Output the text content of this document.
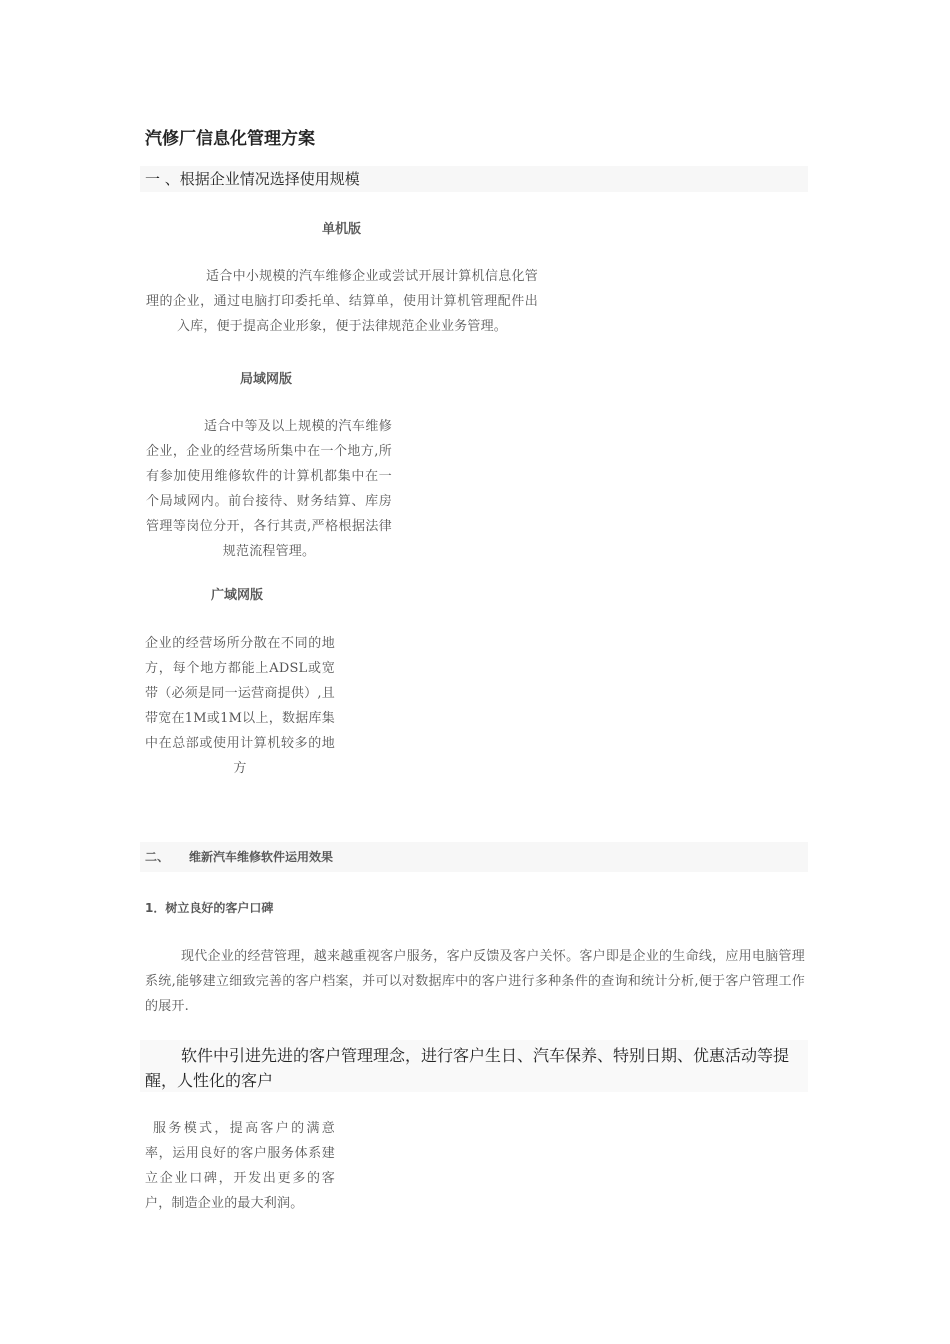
汽修厂信息化管理方案
一 、根据企业情况选择使用规模
单机版
适合中小规模的汽车维修企业或尝试开展计算机信息化管理的企业，通过电脑打印委托单、结算单，使用计算机管理配件出入库，便于提高企业形象，便于法律规范企业业务管理。
局域网版
适合中等及以上规模的汽车维修企业，企业的经营场所集中在一个地方,所有参加使用维修软件的计算机都集中在一个局域网内。前台接待、财务结算、库房管理等岗位分开，各行其责,严格根据法律规范流程管理。
广域网版
企业的经营场所分散在不同的地方，每个地方都能上ADSL或宽带（必须是同一运营商提供）,且带宽在1M或1M以上，数据库集中在总部或使用计算机较多的地方
二、 维新汽车维修软件运用效果
1．树立良好的客户口碑
现代企业的经营管理，越来越重视客户服务，客户反馈及客户关怀。客户即是企业的生命线，应用电脑管理系统,能够建立细致完善的客户档案，并可以对数据库中的客户进行多种条件的查询和统计分析,便于客户管理工作的展开.
软件中引进先进的客户管理理念，进行客户生日、汽车保养、特别日期、优惠活动等提醒，人性化的客户
服务模式，提高客户的满意率，运用良好的客户服务体系建立企业口碑，开发出更多的客户，制造企业的最大利润。
